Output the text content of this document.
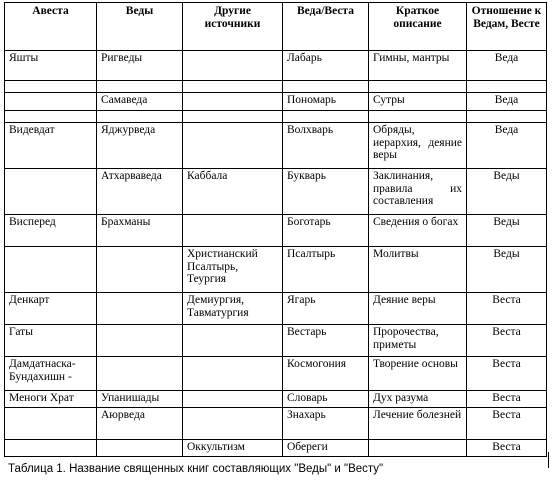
Авеста	Веды	Другие источники	Веда/Веста	Краткое описание	Отношение к Ведам, Весте
Яшты	Ригведы		Лабарь	Гимны, мантры	Веда

	Самаведа		Пономарь	Сутры	Веда

Видевдат	Яджурведа		Волхварь	Обряды, иерархия, деяние веры	Веда
	Атхарваведа	Каббала	Букварь	Заклинания, правила их составления	Веды
Висперед	Брахманы		Боготарь	Сведения о богах	Веды
		Христианский Псалтырь, Теургия	Псалтырь	Молитвы	Веды
Денкарт		Демиургия, Тавматургия	Ягарь	Деяние веры	Веста
Гаты			Вестарь	Пророчества, приметы	Веста
Дамдатнаска-Бундахишн -			Космогония	Творение основы	Веста
Меноги Храт	Упанишады		Словарь	Дух разума	Веста
	Аюрведа		Знахарь	Лечение болезней	Веста
		Оккультизм	Обереги		Веста
Таблица 1. Название священных книг составляющих "Веды" и "Весту"
